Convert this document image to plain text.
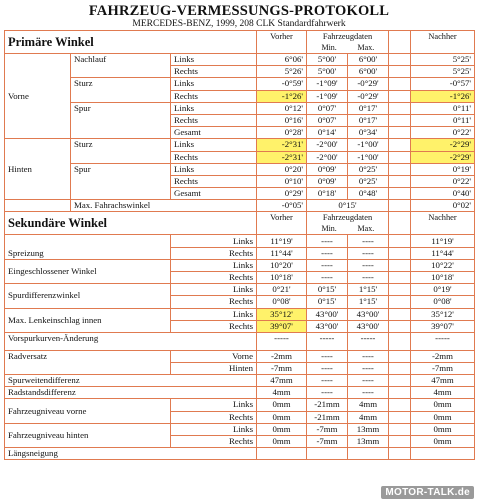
FAHRZEUG-VERMESSUNGS-PROTOKOLL
MERCEDES-BENZ, 1999, 208 CLK Standardfahrwerk
Primäre Winkel			Vorher	Fahrzeugdaten
Min. Max.			Nachher
Vorne	Nachlauf	Links	6°06'	5°00'	6°00'		5°25'
		Rechts	5°26'	5°00'	6°00'		5°25'
	Sturz	Links	-0°59'	-1°09'	-0°29'		-0°57'
		Rechts	-1°26'	-1°09'	-0°29'		-1°26'
	Spur	Links	0°12'	0°07'	0°17'		0°11'
		Rechts	0°16'	0°07'	0°17'		0°11'
		Gesamt	0°28'	0°14'	0°34'		0°22'
Hinten	Sturz	Links	-2°31'	-2°00'	-1°00'		-2°29'
		Rechts	-2°31'	-2°00'	-1°00'		-2°29'
	Spur	Links	0°20'	0°09'	0°25'		0°19'
		Rechts	0°10'	0°09'	0°25'		0°22'
		Gesamt	0°29'	0°18'	0°48'		0°40'
	Max. Fahrachswinkel		-0°05'	0°15'			0°02'
Sekundäre Winkel			Vorher	Fahrzeugdaten
Min. Max.			Nachher
Spreizung		Links	11°19'	----	----		11°19'
		Rechts	11°44'	----	----		11°44'
Eingeschlossener Winkel		Links	10°20'	----	----		10°22'
		Rechts	10°18'	----	----		10°18'
Spurdifferenzwinkel		Links	0°21'	0°15'	1°15'		0°19'
		Rechts	0°08'	0°15'	1°15'		0°08'
Max. Lenkeinschlag innen		Links	35°12'	43°00'	43°00'		35°12'
		Rechts	39°07'	43°00'	43°00'		39°07'
Vorspurkurven-Änderung			-----	-----	-----		-----
Radversatz		Vorne	-2mm	----	----		-2mm
		Hinten	-7mm	----	----		-7mm
Spurweitendifferenz			47mm	----	----		47mm
Radstandsdifferenz			4mm	----	----		4mm
Fahrzeugniveau vorne		Links	0mm	-21mm	4mm		0mm
		Rechts	0mm	-21mm	4mm		0mm
Fahrzeugniveau hinten		Links	0mm	-7mm	13mm		0mm
		Rechts	0mm	-7mm	13mm		0mm
Längsneigung							
MOTOR-TALK.de
